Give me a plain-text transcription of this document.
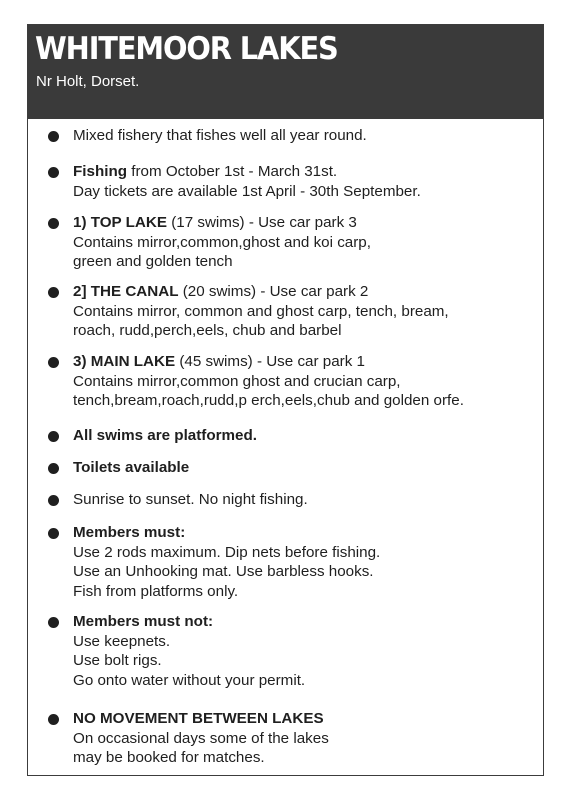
WHITEMOOR LAKES
Nr Holt, Dorset.
Mixed fishery that fishes well all year round.
Fishing from October 1st - March 31st.
Day tickets are available 1st April - 30th September.
1) TOP LAKE (17 swims) - Use car park 3
Contains mirror,common,ghost and koi carp,
green and golden tench
2] THE CANAL (20 swims) - Use car park 2
Contains mirror, common and ghost carp, tench, bream,
roach, rudd,perch,eels, chub and barbel
3) MAIN LAKE (45 swims) - Use car park 1
Contains mirror,common ghost and crucian carp,
tench,bream,roach,rudd,p erch,eels,chub and golden orfe.
All swims are platformed.
Toilets available
Sunrise to sunset. No night fishing.
Members must:
Use 2 rods maximum. Dip nets before fishing.
Use an Unhooking mat. Use barbless hooks.
Fish from platforms only.
Members must not:
Use keepnets.
Use bolt rigs.
Go onto water without your permit.
NO MOVEMENT BETWEEN LAKES
On occasional days some of the lakes
may be booked for matches.
